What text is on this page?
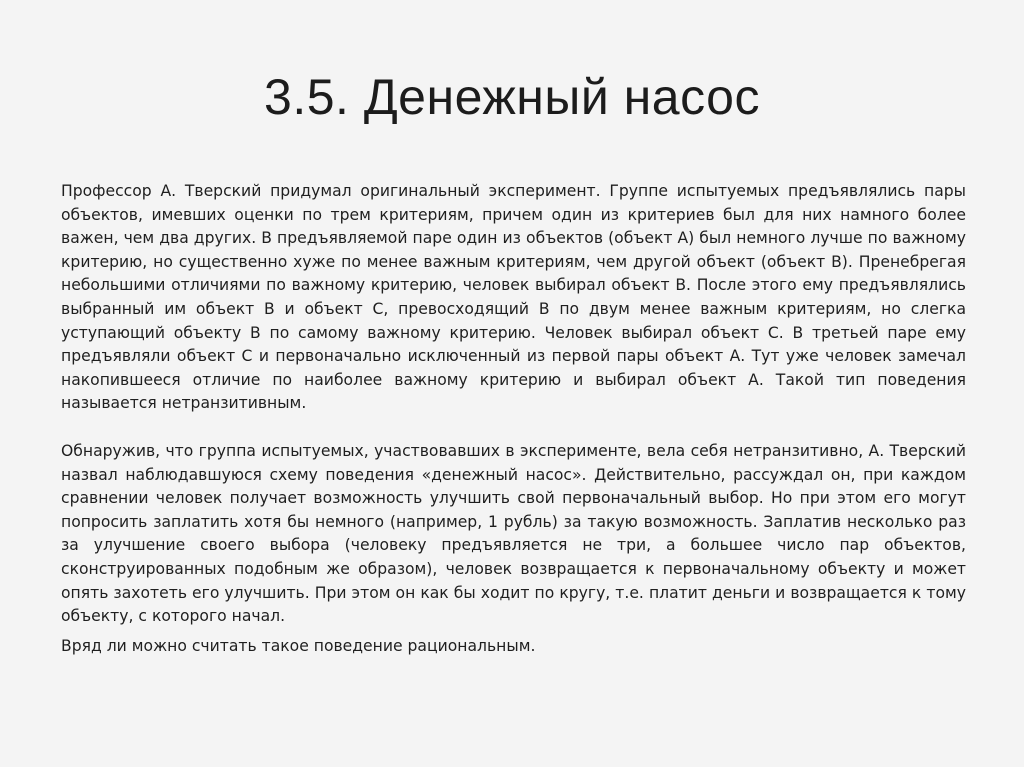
3.5. Денежный насос

Профессор А. Тверский придумал оригинальный эксперимент. Группе испытуемых предъявлялись пары объектов, имевших оценки по трем критериям, причем один из критериев был для них намного более важен, чем два других. В предъявляемой паре один из объектов (объект А) был немного лучше по важному критерию, но существенно хуже по менее важным критериям, чем другой объект (объект В). Пренебрегая небольшими отличиями по важному критерию, человек выбирал объект В. После этого ему предъявлялись выбранный им объект В и объект С, превосходящий В по двум менее важным критериям, но слегка уступающий объекту В по самому важному критерию. Человек выбирал объект С. В третьей паре ему предъявляли объект С и первоначально исключенный из первой пары объект А. Тут уже человек замечал накопившееся отличие по наиболее важному критерию и выбирал объект А. Такой тип поведения называется нетранзитивным.

Обнаружив, что группа испытуемых, участвовавших в эксперименте, вела себя нетранзитивно, А. Тверский назвал наблюдавшуюся схему поведения «денежный насос». Действительно, рассуждал он, при каждом сравнении человек получает возможность улучшить свой первоначальный выбор. Но при этом его могут попросить заплатить хотя бы немного (например, 1 рубль) за такую возможность. Заплатив несколько раз за улучшение своего выбора (человеку предъявляется не три, а большее число пар объектов, сконструированных подобным же образом), человек возвращается к первоначальному объекту и может опять захотеть его улучшить. При этом он как бы ходит по кругу, т.е. платит деньги и возвращается к тому объекту, с которого начал.

Вряд ли можно считать такое поведение рациональным.
